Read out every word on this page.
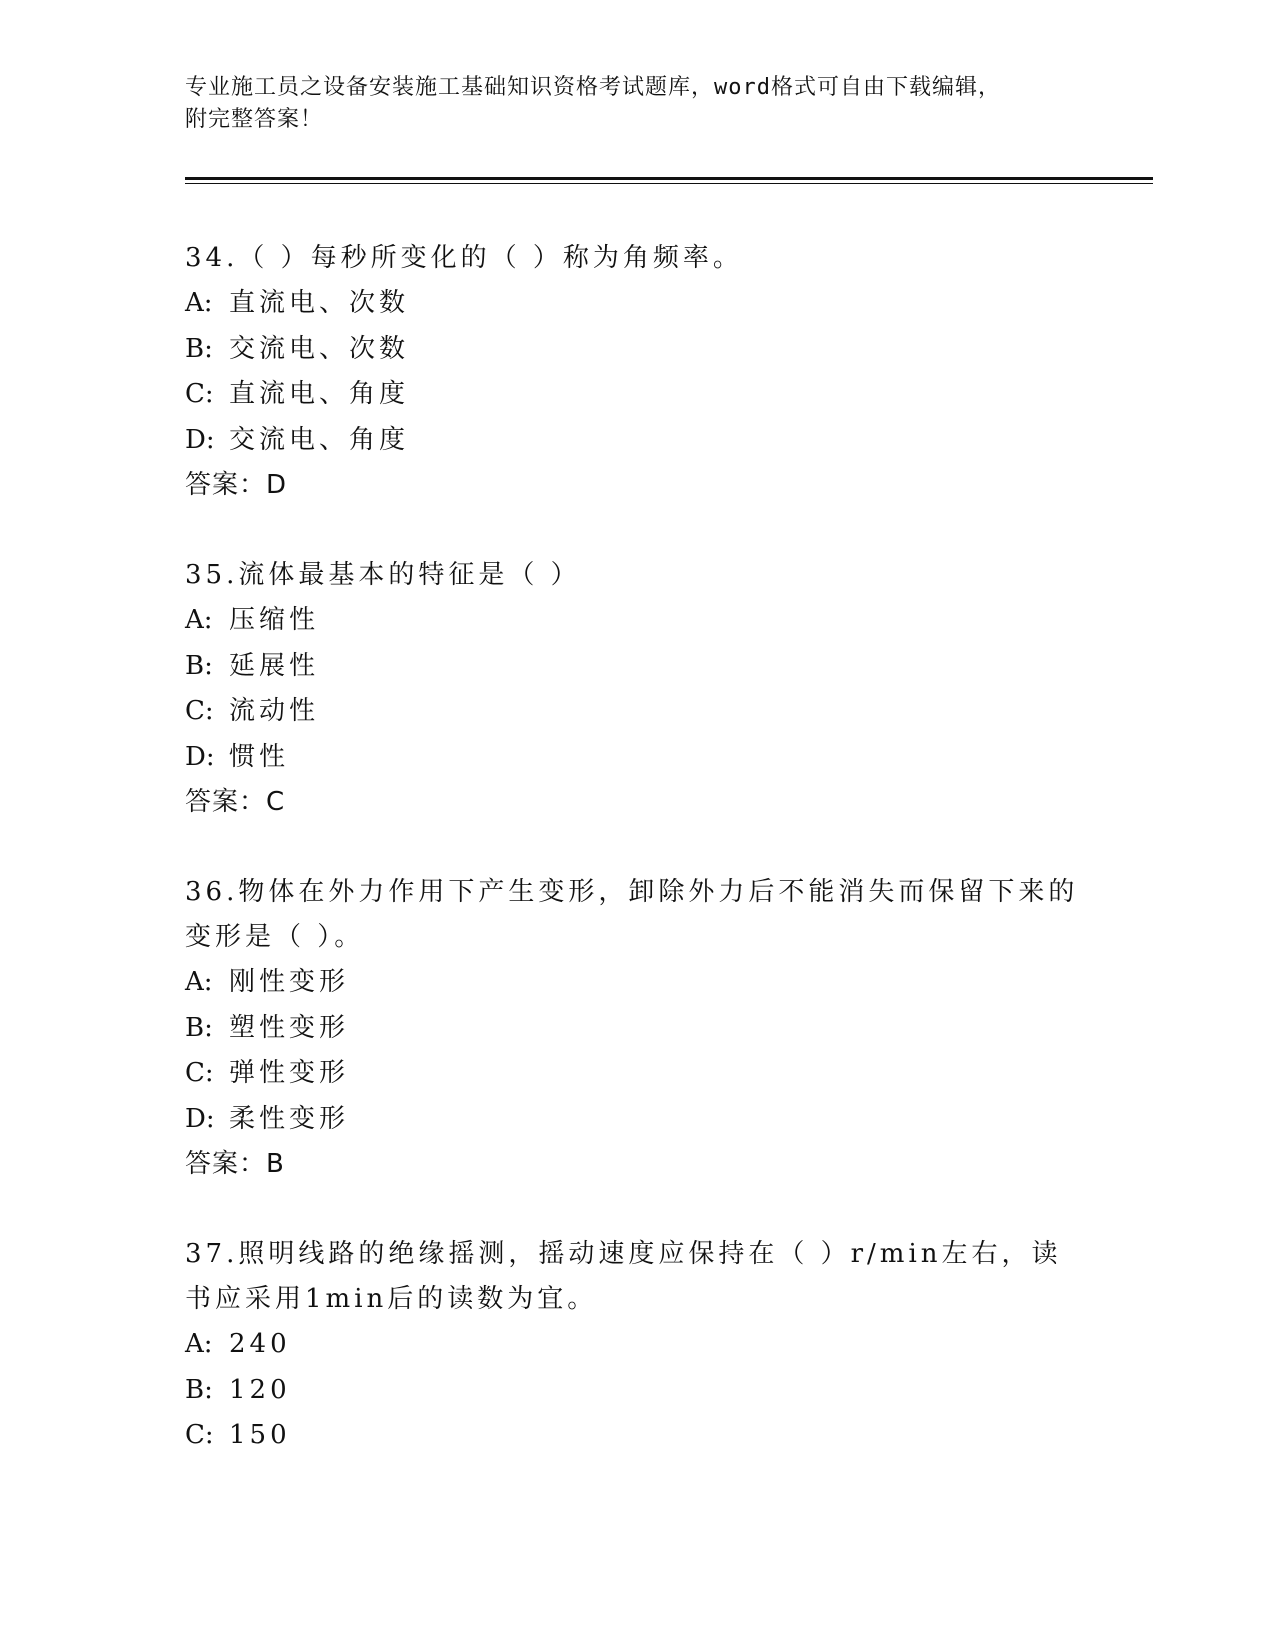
专业施工员之设备安装施工基础知识资格考试题库，word格式可自由下载编辑，
附完整答案！
34.（ ）每秒所变化的（ ）称为角频率。
A: 直流电、次数
B: 交流电、次数
C: 直流电、角度
D: 交流电、角度
答案：D
35.流体最基本的特征是（ ）
A: 压缩性
B: 延展性
C: 流动性
D: 惯性
答案：C
36.物体在外力作用下产生变形，卸除外力后不能消失而保留下来的变形是（ ）。
A: 刚性变形
B: 塑性变形
C: 弹性变形
D: 柔性变形
答案：B
37.照明线路的绝缘摇测，摇动速度应保持在（ ）r/min左右，读书应采用1min后的读数为宜。
A: 240
B: 120
C: 150
